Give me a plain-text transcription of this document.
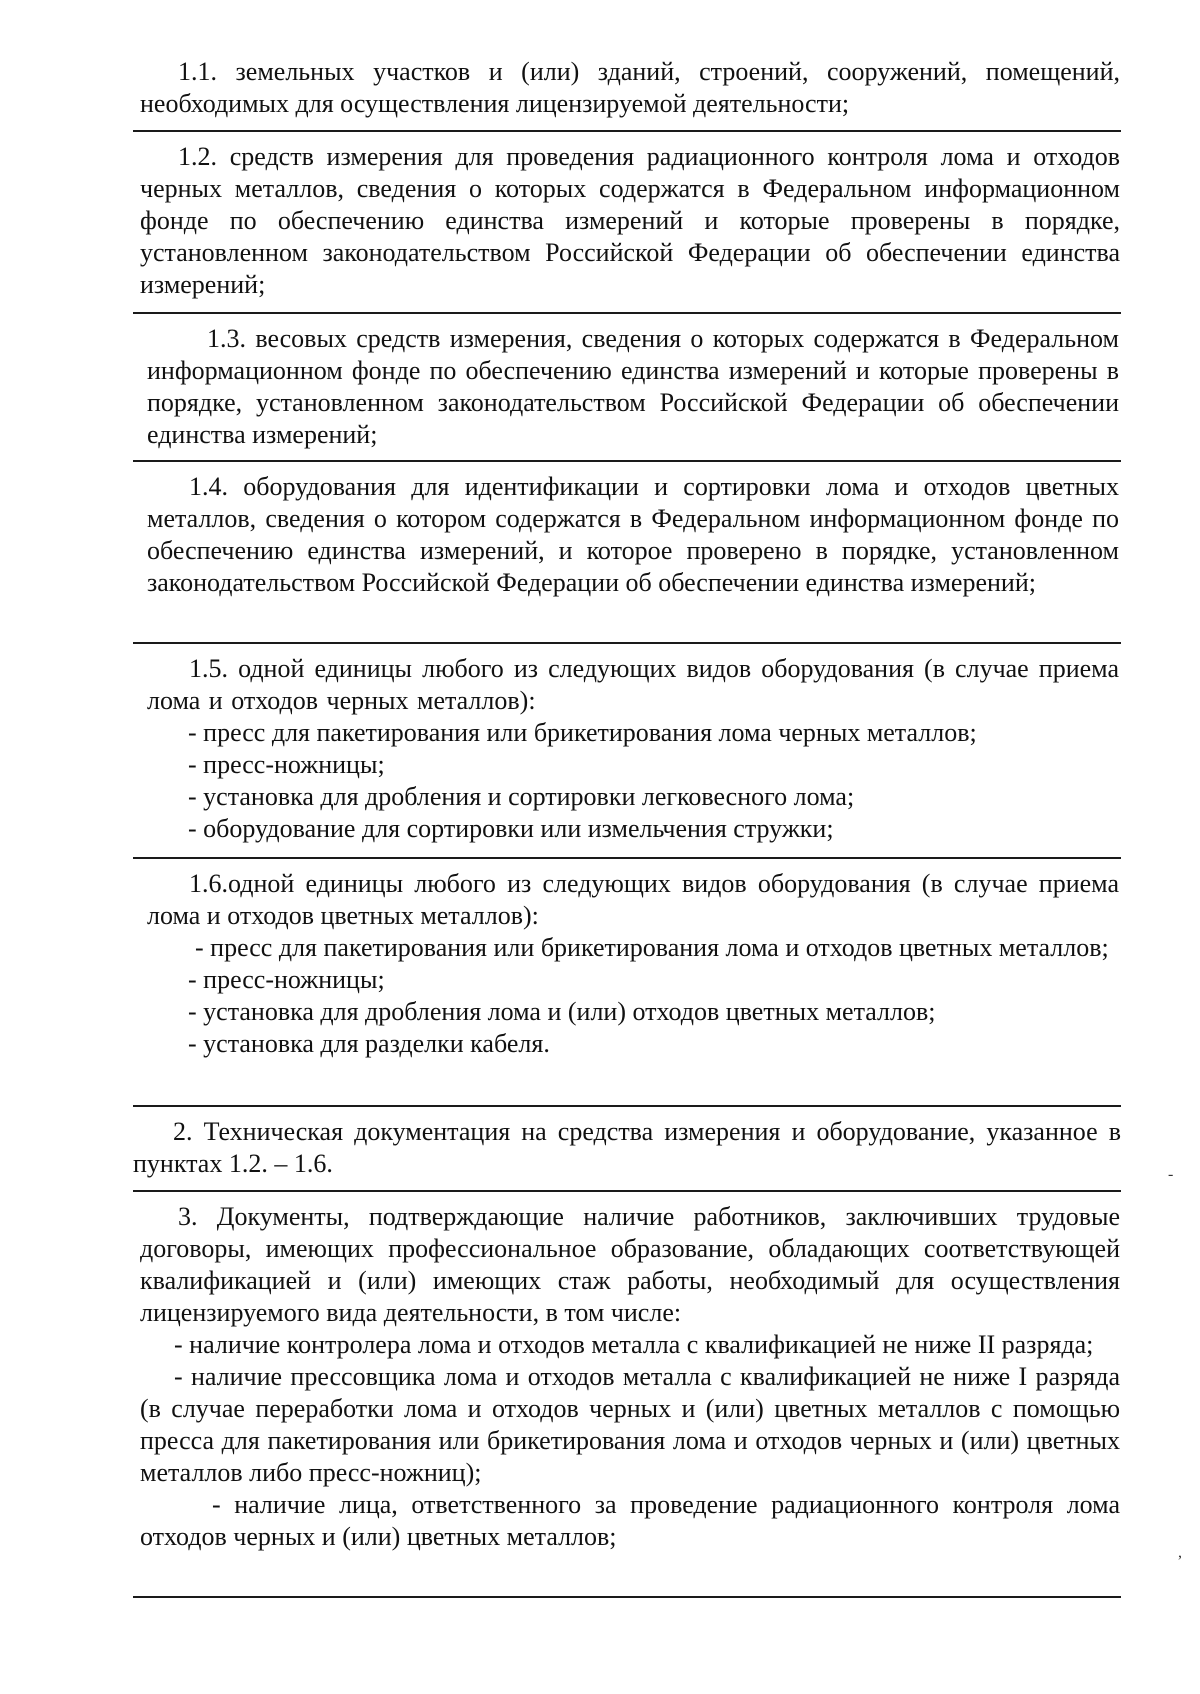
1.1. земельных участков и (или) зданий, строений, сооружений, помещений, необходимых для осуществления лицензируемой деятельности;

1.2. средств измерения для проведения радиационного контроля лома и отходов черных металлов, сведения о которых содержатся в Федеральном информационном фонде по обеспечению единства измерений и которые проверены в порядке, установленном законодательством Российской Федерации об обеспечении единства измерений;

1.3. весовых средств измерения, сведения о которых содержатся в Федеральном информационном фонде по обеспечению единства измерений и которые проверены в порядке, установленном законодательством Российской Федерации об обеспечении единства измерений;

1.4. оборудования для идентификации и сортировки лома и отходов цветных металлов, сведения о котором содержатся в Федеральном информационном фонде по обеспечению единства измерений, и которое проверено в порядке, установленном законодательством Российской Федерации об обеспечении единства измерений;

1.5. одной единицы любого из следующих видов оборудования (в случае приема лома и отходов черных металлов):

- пресс для пакетирования или брикетирования лома черных металлов;

- пресс-ножницы;

- установка для дробления и сортировки легковесного лома;

- оборудование для сортировки или измельчения стружки;

1.6.одной единицы любого из следующих видов оборудования (в случае приема лома и отходов цветных металлов):

- пресс для пакетирования или брикетирования лома и отходов цветных металлов;

- пресс-ножницы;

- установка для дробления лома и (или) отходов цветных металлов;

- установка для разделки кабеля.

2. Техническая документация на средства измерения и оборудование, указанное в пунктах 1.2. – 1.6.

3. Документы, подтверждающие наличие работников, заключивших трудовые договоры, имеющих профессиональное образование, обладающих соответствующей квалификацией и (или) имеющих стаж работы, необходимый для осуществления лицензируемого вида деятельности, в том числе:

- наличие контролера лома и отходов металла с квалификацией не ниже II разряда;

- наличие прессовщика лома и отходов металла с квалификацией не ниже I разряда (в случае переработки лома и отходов черных и (или) цветных металлов с помощью пресса для пакетирования или брикетирования лома и отходов черных и (или) цветных металлов либо пресс-ножниц);

- наличие лица, ответственного за проведение радиационного контроля лома отходов черных и (или) цветных металлов;

-
,
